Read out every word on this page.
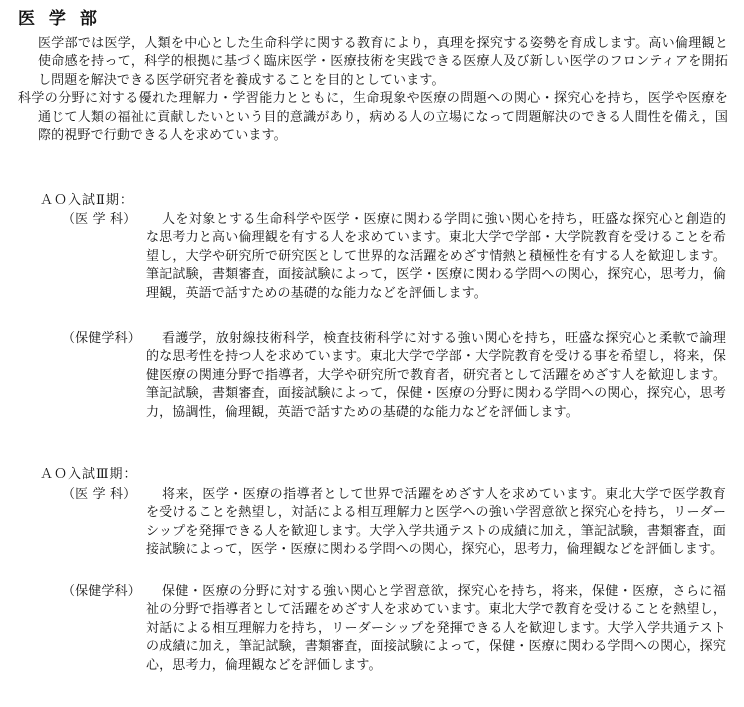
医 学 部

医学部では医学，人類を中心とした生命科学に関する教育により，真理を探究する姿勢を育成します。高い倫理観と使命感を持って，科学的根拠に基づく臨床医学・医療技術を実践できる医療人及び新しい医学のフロンティアを開拓し問題を解決できる医学研究者を養成することを目的としています。

科学の分野に対する優れた理解力・学習能力とともに，生命現象や医療の問題への関心・探究心を持ち，医学や医療を通じて人類の福祉に貢献したいという目的意識があり，病める人の立場になって問題解決のできる人間性を備え，国際的視野で行動できる人を求めています。

ＡＯ入試Ⅱ期：
（医 学 科）	人を対象とする生命科学や医学・医療に関わる学問に強い関心を持ち，旺盛な探究心と創造的な思考力と高い倫理観を有する人を求めています。東北大学で学部・大学院教育を受けることを希望し，大学や研究所で研究医として世界的な活躍をめざす情熱と積極性を有する人を歓迎します。筆記試験，書類審査，面接試験によって，医学・医療に関わる学問への関心，探究心，思考力，倫理観，英語で話すための基礎的な能力などを評価します。

（保健学科）	看護学，放射線技術科学，検査技術科学に対する強い関心を持ち，旺盛な探究心と柔軟で論理的な思考性を持つ人を求めています。東北大学で学部・大学院教育を受ける事を希望し，将来，保健医療の関連分野で指導者，大学や研究所で教育者，研究者として活躍をめざす人を歓迎します。筆記試験，書類審査，面接試験によって，保健・医療の分野に関わる学問への関心，探究心，思考力，協調性，倫理観，英語で話すための基礎的な能力などを評価します。

ＡＯ入試Ⅲ期：
（医 学 科）	将来，医学・医療の指導者として世界で活躍をめざす人を求めています。東北大学で医学教育を受けることを熱望し，対話による相互理解力と医学への強い学習意欲と探究心を持ち，リーダーシップを発揮できる人を歓迎します。大学入学共通テストの成績に加え，筆記試験，書類審査，面接試験によって，医学・医療に関わる学問への関心，探究心，思考力，倫理観などを評価します。

（保健学科）	保健・医療の分野に対する強い関心と学習意欲，探究心を持ち，将来，保健・医療，さらに福祉の分野で指導者として活躍をめざす人を求めています。東北大学で教育を受けることを熱望し，対話による相互理解力を持ち，リーダーシップを発揮できる人を歓迎します。大学入学共通テストの成績に加え，筆記試験，書類審査，面接試験によって，保健・医療に関わる学問への関心，探究心，思考力，倫理観などを評価します。
